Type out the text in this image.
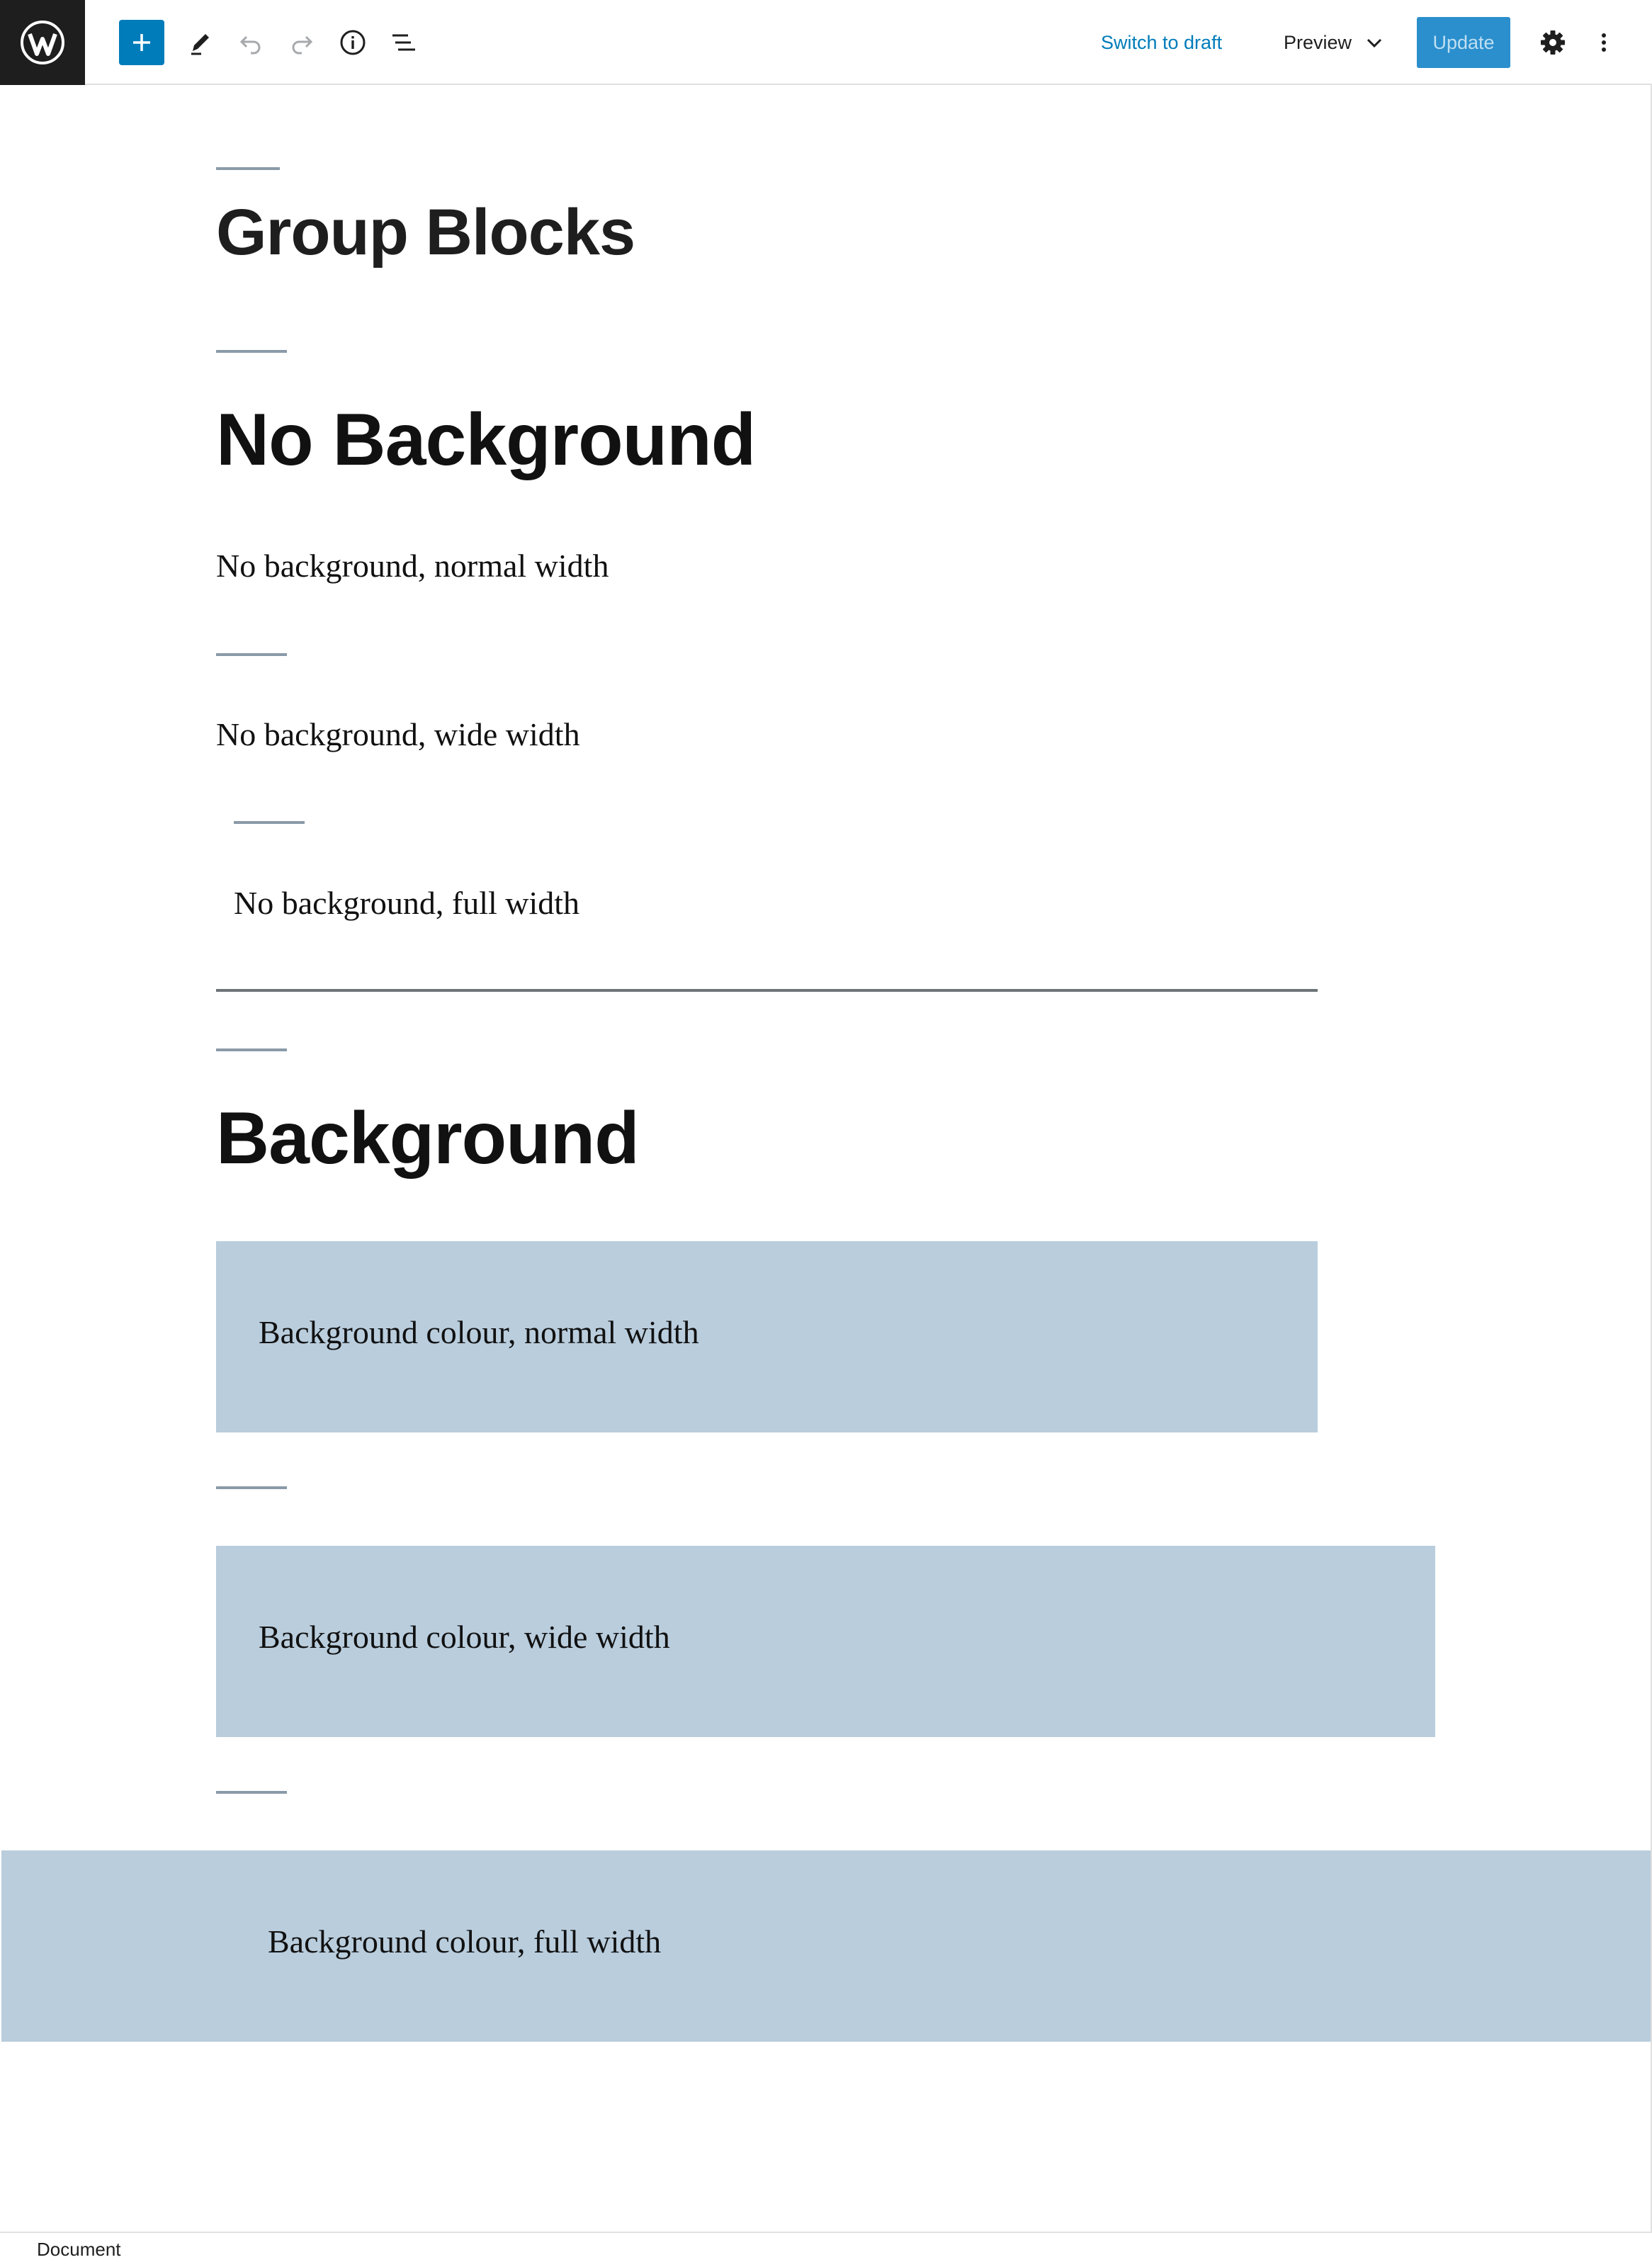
Switch to draft	Preview	Update
Group Blocks
No Background

No background, normal width

No background, wide width

No background, full width

Background

Background colour, normal width

Background colour, wide width

Background colour, full width

Document
